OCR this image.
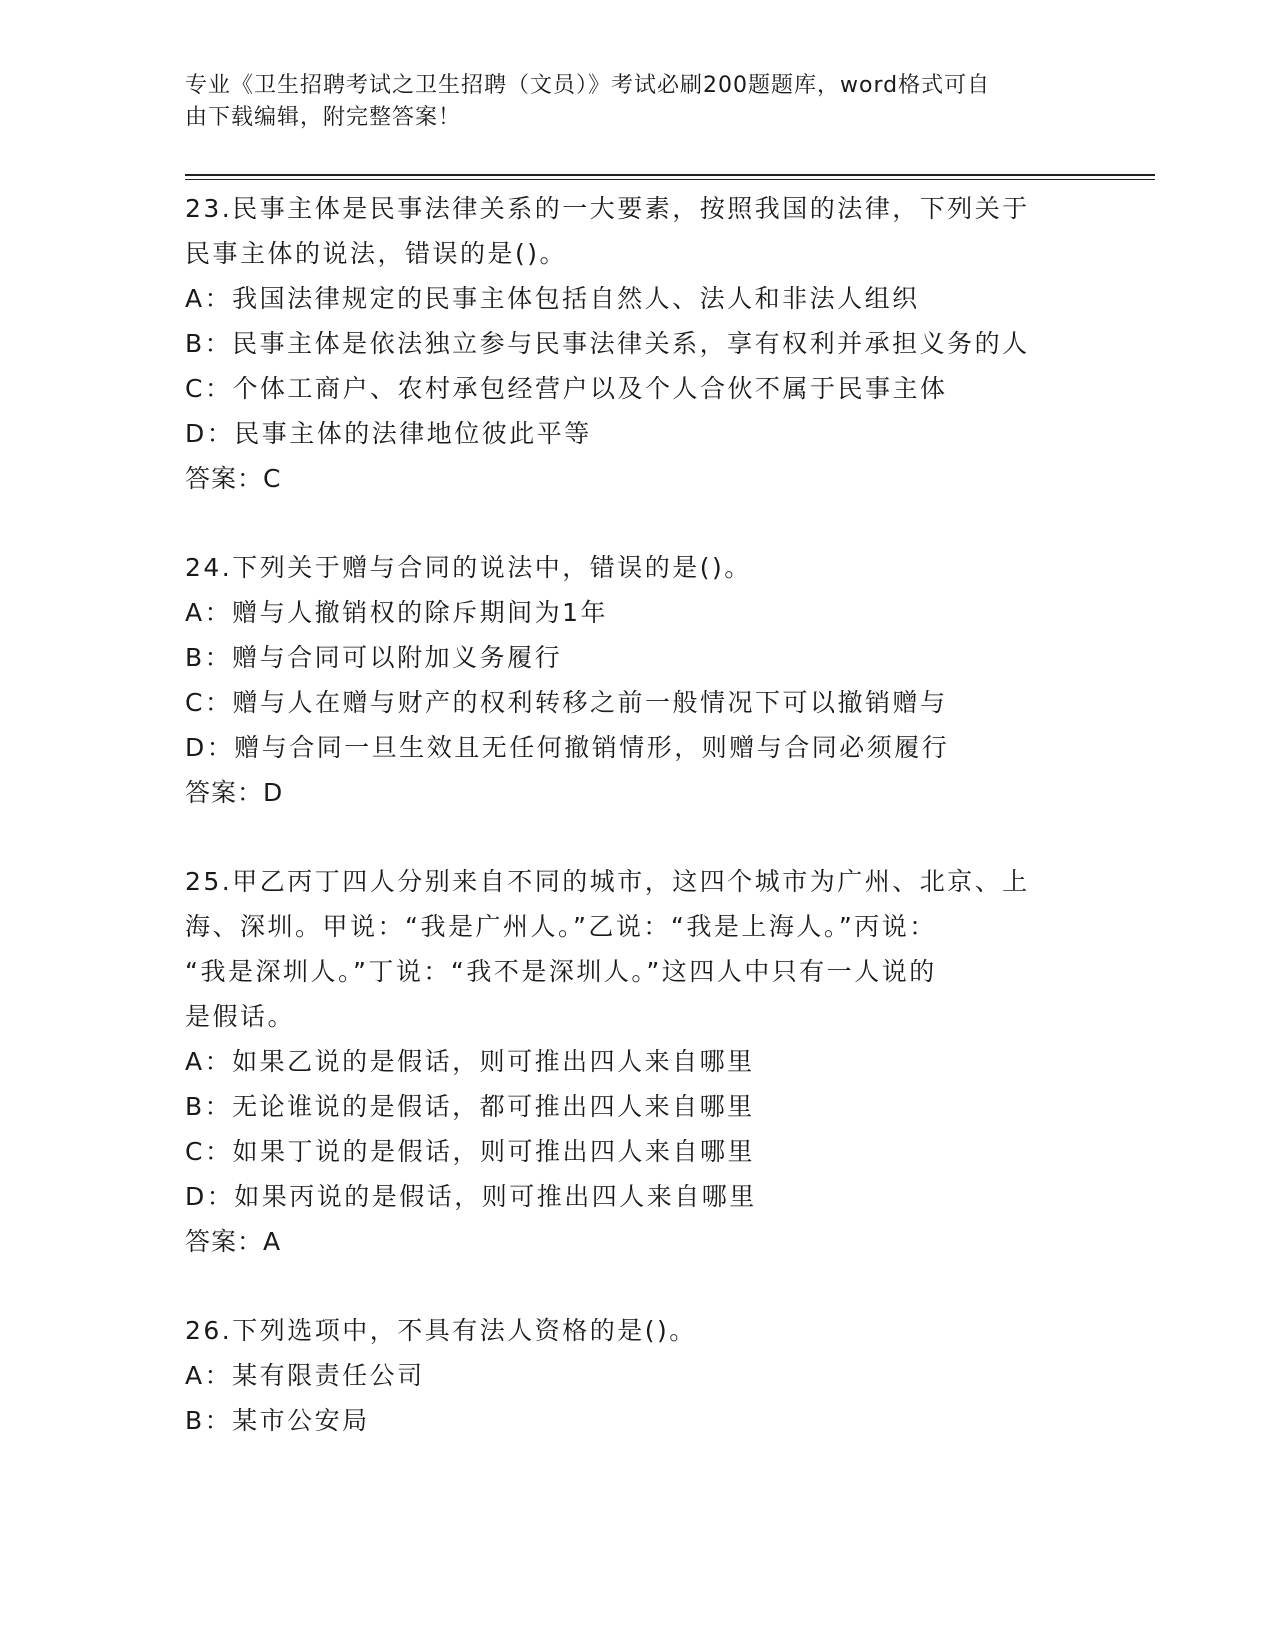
专业《卫生招聘考试之卫生招聘（文员）》考试必刷200题题库，word格式可自
由下载编辑，附完整答案！
23.民事主体是民事法律关系的一大要素，按照我国的法律，下列关于
民事主体的说法，错误的是()。
A：我国法律规定的民事主体包括自然人、法人和非法人组织
B：民事主体是依法独立参与民事法律关系，享有权利并承担义务的人
C：个体工商户、农村承包经营户以及个人合伙不属于民事主体
D：民事主体的法律地位彼此平等
答案：C
24.下列关于赠与合同的说法中，错误的是()。
A：赠与人撤销权的除斥期间为1年
B：赠与合同可以附加义务履行
C：赠与人在赠与财产的权利转移之前一般情况下可以撤销赠与
D：赠与合同一旦生效且无任何撤销情形，则赠与合同必须履行
答案：D
25.甲乙丙丁四人分别来自不同的城市，这四个城市为广州、北京、上
海、深圳。甲说：“我是广州人。”乙说：“我是上海人。”丙说：
“我是深圳人。”丁说：“我不是深圳人。”这四人中只有一人说的
是假话。
A：如果乙说的是假话，则可推出四人来自哪里
B：无论谁说的是假话，都可推出四人来自哪里
C：如果丁说的是假话，则可推出四人来自哪里
D：如果丙说的是假话，则可推出四人来自哪里
答案：A
26.下列选项中，不具有法人资格的是()。
A：某有限责任公司
B：某市公安局
